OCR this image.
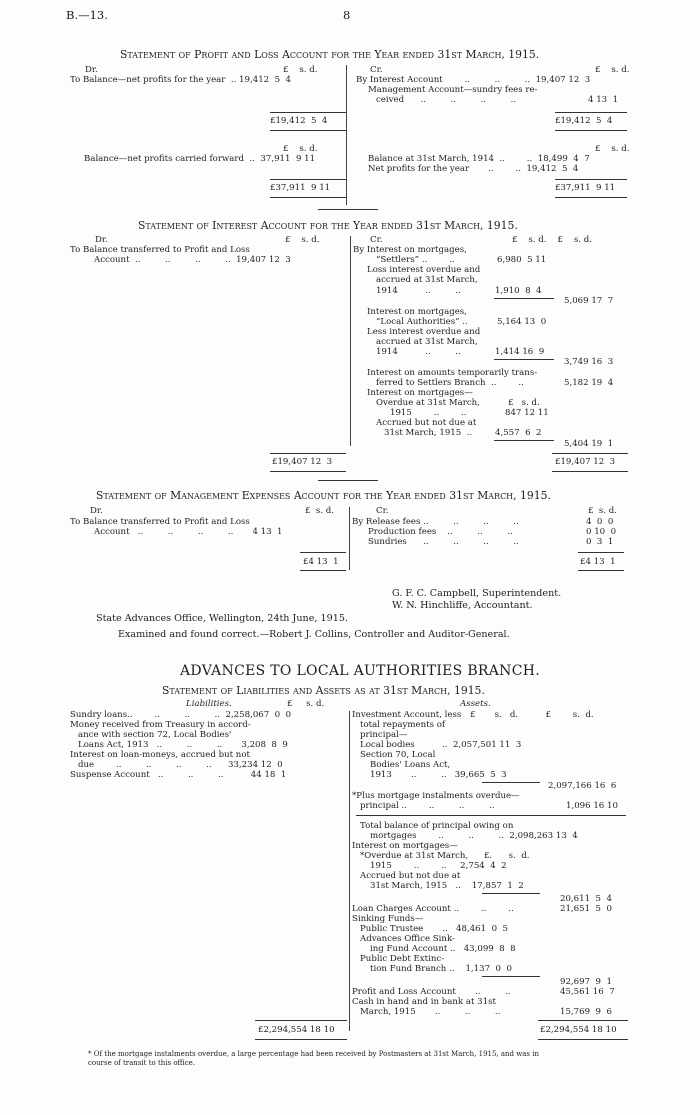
B.—13.	8
Statement of Profit and Loss Account for the Year ended 31st March, 1915.
Dr.	£    s. d.	Cr.	£    s. d.
To Balance—net profits for the year  .. 19,412  5  4	By Interest Account        ..         ..         ..  19,407 12  3
Management Account—sundry fees re-
ceived      ..         ..         ..         ..	4 13  1
£19,412  5  4	£19,412  5  4
£    s. d.	£    s. d.
Balance—net profits carried forward  ..  37,911  9 11	Balance at 31st March, 1914  ..        ..  18,499  4  7
Net profits for the year       ..        ..  19,412  5  4
£37,911  9 11	£37,911  9 11
Statement of Interest Account for the Year ended 31st March, 1915.
Dr.	£    s. d.	Cr.	£    s. d.    £    s. d.
To Balance transferred to Profit and Loss
Account  ..         ..         ..         ..  19,407 12  3
By Interest on mortgages,
“Settlers” ..        ..	6,980  5 11
Loss interest overdue and
accrued at 31st March,
1914          ..         ..	1,910  8  4
5,069 17  7
Interest on mortgages,
“Local Authorities” ..	5,164 13  0
Less interest overdue and
accrued at 31st March,
1914          ..         ..	1,414 16  9
3,749 16  3
Interest on amounts temporarily trans-
ferred to Settlers Branch  ..        ..	5,182 19  4
Interest on mortgages—
Overdue at 31st March,	£   s. d.
1915        ..        ..	847 12 11
Accrued but not due at
31st March, 1915  ..	4,557  6  2
5,404 19  1
£19,407 12  3	£19,407 12  3
Statement of Management Expenses Account for the Year ended 31st March, 1915.
Dr.	£  s. d.	Cr.	£  s. d.
To Balance transferred to Profit and Loss
Account   ..         ..         ..         ..       4 13  1
By Release fees ..         ..         ..         ..	4  0  0
Production fees    ..         ..         ..	0 10  0
Sundries      ..         ..         ..         ..	0  3  1
£4 13  1	£4 13  1
G. F. C. Campbell, Superintendent.
W. N. Hinchliffe, Accountant.
State Advances Office, Wellington, 24th June, 1915.
Examined and found correct.—Robert J. Collins, Controller and Auditor-General.
ADVANCES TO LOCAL AUTHORITIES BRANCH.
Statement of Liabilities and Assets as at 31st March, 1915.
Liabilities.	£     s. d.	Assets.
Sundry loans..        ..         ..         ..  2,258,067  0  0
Money received from Treasury in accord-
ance with section 72, Local Bodies'
Loans Act, 1913   ..         ..         ..       3,208  8  9
Interest on loan-moneys, accrued but not
due        ..         ..         ..         ..      33,234 12  0
Suspense Account   ..         ..         ..          44 18  1
Investment Account, less £       s.   d.          £        s.  d.
total repayments of
principal—
Local bodies          ..  2,057,501 11  3
Section 70, Local
Bodies' Loans Act,
1913       ..         ..   39,665  5  3
2,097,166 16  6
*Plus mortgage instalments overdue—
principal ..        ..         ..         ..	1,096 16 10
Total balance of principal owing on
mortgages        ..         ..         ..  2,098,263 13  4
Interest on mortgages—
*Overdue at 31st March, £.      s.  d.
1915        ..        ..     2,754  4  2
Accrued but not due at
31st March, 1915   ..    17,857  1  2
20,611  5  4
Loan Charges Account ..        ..        ..	21,651  5  0
Sinking Funds—
Public Trustee       ..   48,461  0  5
Advances Office Sink-
ing Fund Account ..   43,099  8  8
Public Debt Extinc-
tion Fund Branch ..    1,137  0  0
92,697  9  1
Profit and Loss Account       ..         ..	45,561 16  7
Cash in hand and in bank at 31st
March, 1915       ..         ..         ..	15,769  9  6
£2,294,554 18 10	£2,294,554 18 10
* Of the mortgage instalments overdue, a large percentage had been received by Postmasters at 31st March, 1915, and was in
course of transit to this office.
